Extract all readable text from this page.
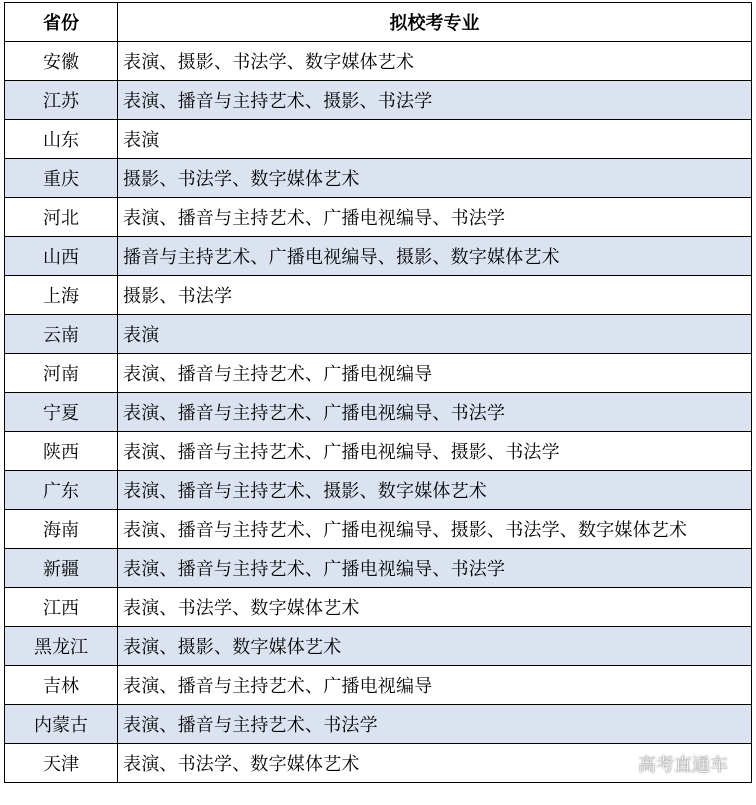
省份	拟校考专业
安徽	表演、摄影、书法学、数字媒体艺术
江苏	表演、播音与主持艺术、摄影、书法学
山东	表演
重庆	摄影、书法学、数字媒体艺术
河北	表演、播音与主持艺术、广播电视编导、书法学
山西	播音与主持艺术、广播电视编导、摄影、数字媒体艺术
上海	摄影、书法学
云南	表演
河南	表演、播音与主持艺术、广播电视编导
宁夏	表演、播音与主持艺术、广播电视编导、书法学
陕西	表演、播音与主持艺术、广播电视编导、摄影、书法学
广东	表演、播音与主持艺术、摄影、数字媒体艺术
海南	表演、播音与主持艺术、广播电视编导、摄影、书法学、数字媒体艺术
新疆	表演、播音与主持艺术、广播电视编导、书法学
江西	表演、书法学、数字媒体艺术
黑龙江	表演、摄影、数字媒体艺术
吉林	表演、播音与主持艺术、广播电视编导
内蒙古	表演、播音与主持艺术、书法学
天津	表演、书法学、数字媒体艺术	高考直通车
